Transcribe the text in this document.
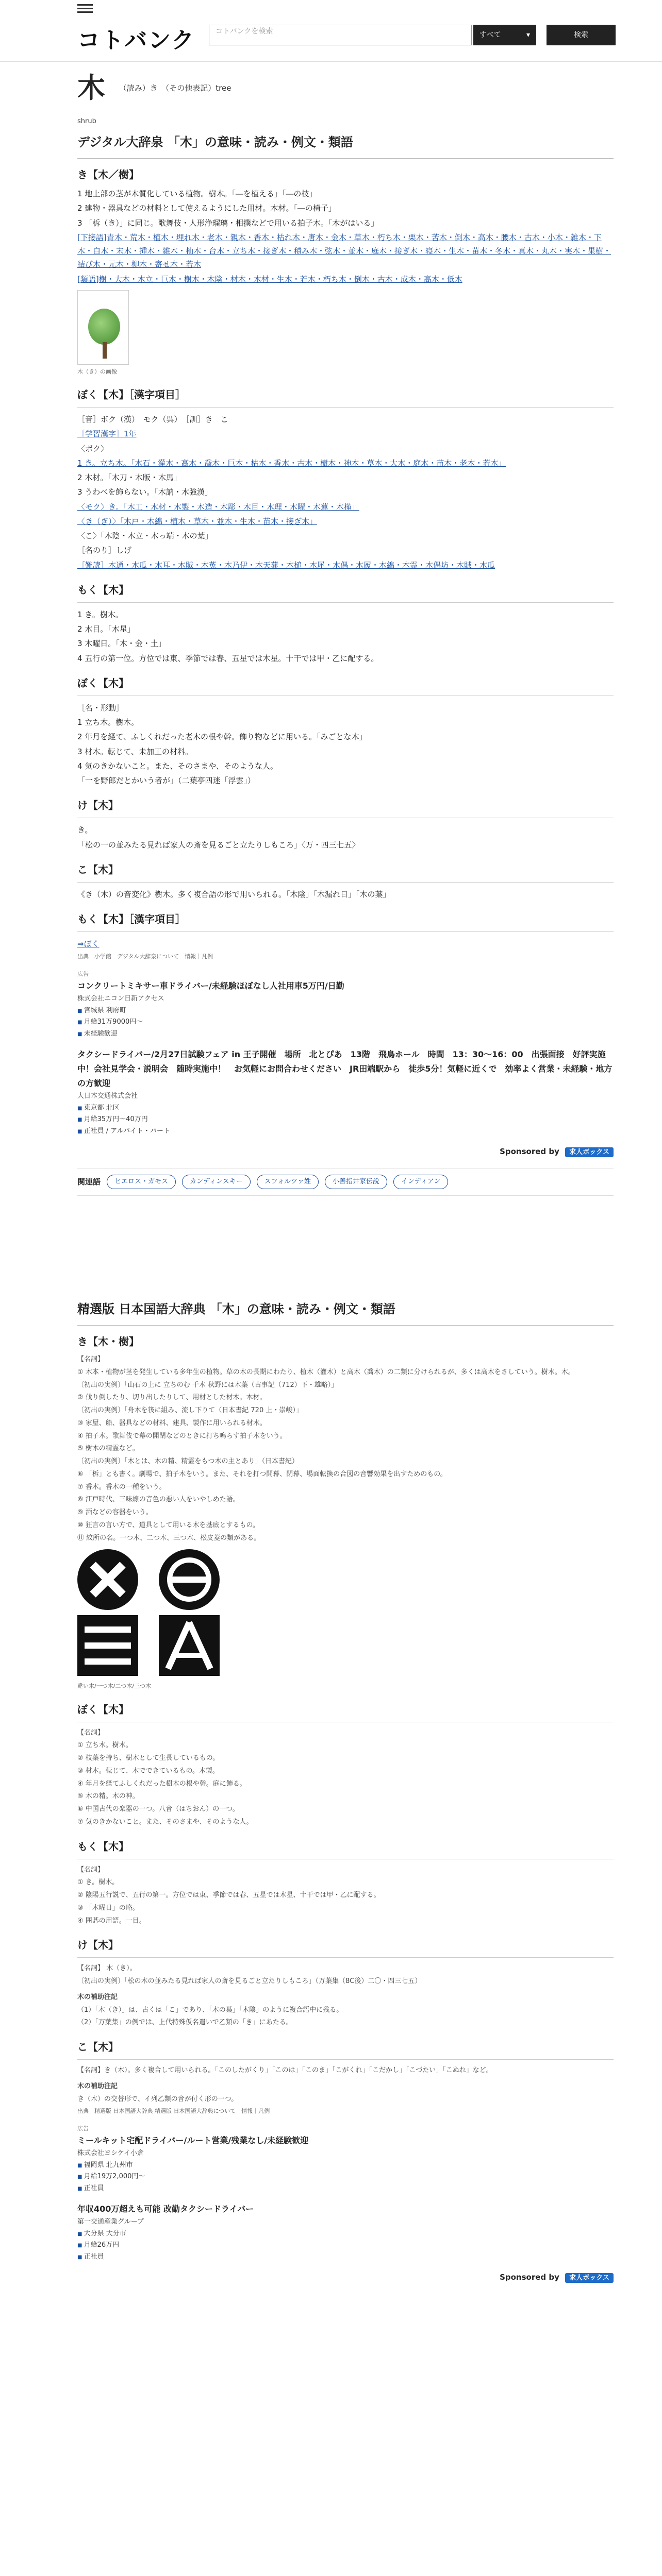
コトバンク	コトバンクを検索	すべて	▾	検索
木 （読み）き　（その他表記）tree
shrub
デジタル大辞泉 「木」の意味・読み・例文・類語
き【木／樹】

1 地上部の茎が木質化している植物。樹木。「―を植える」「―の枝」

2 建物・器具などの材料として使えるようにした用材。木材。「―の椅子」

3 「柝（き）」に同じ。歌舞伎・人形浄瑠璃・相撲などで用いる拍子木。「木がはいる」

[下接語]青木・荒木・植木・埋れ木・老木・親木・香木・枯れ木・唐木・金木・草木・朽ち木・栗木・苦木・倒木・高木・腰木・古木・小木・雑木・下木・白木・末木・挿木・雑木・杣木・台木・立ち木・接ぎ木・積み木・弦木・並木・庭木・接ぎ木・寝木・生木・苗木・冬木・真木・丸木・実木・果樹・結び木・元木・柳木・寄せ木・若木

[類語]樹・大木・木立・巨木・樹木・木陰・材木・木材・生木・若木・朽ち木・倒木・古木・成木・高木・低木

木（き）の画像
ぼく【木】［漢字項目］

［音］ボク（漢）　モク（呉）　［訓］き　こ

［学習漢字］1年

〈ボク〉

1 き。立ち木。「木石・灌木・高木・喬木・巨木・枯木・香木・古木・樹木・神木・草木・大木・庭木・苗木・老木・若木」

2 木材。「木刀・木版・木馬」

3 うわべを飾らない。「木訥・木強漢」

〈モク〉き。「木工・木材・木製・木造・木彫・木目・木理・木曜・木蓮・木槿」

〈き（ぎ）〉「木戸・木綿・植木・草木・並木・生木・苗木・接ぎ木」

〈こ〉「木陰・木立・木っ端・木の葉」

［名のり］しげ

［難読］木通・木瓜・木耳・木賊・木菟・木乃伊・木天蓼・木槌・木犀・木偶・木履・木綿・木霊・木偶坊・木賊・木瓜

もく【木】

1 き。樹木。

2 木目。「木星」

3 木曜日。「木・金・土」

4 五行の第一位。方位では東、季節では春、五星では木星。十干では甲・乙に配する。

ぼく【木】

［名・形動］

1 立ち木。樹木。

2 年月を経て、ふしくれだった老木の根や幹。飾り物などに用いる。「みごとな木」

3 材木。転じて、未加工の材料。

4 気のきかないこと。また、そのさまや、そのような人。

「一を野郎だとかいう者が」（二葉亭四迷「浮雲」）

け【木】

き。

「松の一の並みたる見れば家人の斎を見るごと立たりしもころ」〈万・四三七五〉

こ【木】

《き（木）の音変化》樹木。多く複合語の形で用いられる。「木陰」「木漏れ日」「木の葉」

もく【木】［漢字項目］

⇒ぼく

出典　小学館　デジタル大辞泉について　情報｜凡例

広告
コンクリートミキサー車ドライバー/未経験ほぼなし人社用車5万円/日勤
株式会社ニコン日新アクセス
■ 宮城県 利府町
■ 月給31万9000円～
■ 未経験歓迎
タクシードライバー/2月27日試験フェア in 王子開催　場所　北とぴあ　13階　飛鳥ホール　時間　13：30～16：00　出張面接　好評実施中！会社見学会・説明会　随時実施中！　お気軽にお問合わせください　JR田端駅から　徒歩5分！気軽に近くで　効率よく営業・未経験・地方の方歓迎
大日本交通株式会社
■ 東京都 北区
■ 月給35万円～40万円
■ 正社員 / アルバイト・パート
Sponsored by 求人ボックス
関連語	ヒエロス・ガモス	カンディンスキー	スフォルツァ姓	小善指井家伝説	インディアン
精選版 日本国語大辞典 「木」の意味・読み・例文・類語
き【木・樹】

【名詞】

① 木本・植物が茎を発生している多年生の植物。草の木の長期にわたり、植木（灌木）と高木（喬木）の二類に分けられるが、多くは高木をさしていう。樹木。木。

〔初出の実例〕「山石の上に 立ちのむ 千木 秋野には木葉（古事記（712）下・雄略）」

② 伐り倒したり、切り出したりして、用材とした材木。木材。

〔初出の実例〕「舟木を筏に組み、流し下りて（日本書紀 720 上・崇峻）」

③ 家屋、船、器具などの材料、建具、製作に用いられる材木。

④ 拍子木。歌舞伎で幕の開閉などのときに打ち鳴らす拍子木をいう。

⑤ 樹木の精霊など。

〔初出の実例〕「木とは、木の精、精霊をもつ木の主とあり」（日本書紀）

⑥ 「柝」とも書く。劇場で、拍子木をいう。また、それを打つ開幕、閉幕、場面転換の合図の音響効果を出すためのもの。

⑦ 香木。香木の一種をいう。

⑧ 江戸時代、三味線の音色の悪い人をいやしめた語。

⑨ 酒などの容器をいう。

⑩ 狂言の言い方で、道具として用いる木を基底とするもの。

⑪ 紋所の名。一つ木、二つ木、三つ木、松皮菱の類がある。

違い木/一つ木/二つ木/三つ木
ぼく【木】

【名詞】

① 立ち木。樹木。

② 枝葉を持ち、樹木として生長しているもの。

③ 材木。転じて、木でできているもの。木製。

④ 年月を経てふしくれだった樹木の根や幹。庭に飾る。

⑤ 木の精。木の神。

⑥ 中国古代の楽器の一つ。八音（はちおん）の一つ。

⑦ 気のきかないこと。また、そのさまや、そのような人。

もく【木】

【名詞】

① き。樹木。

② 陰陽五行説で、五行の第一。方位では東、季節では春、五星では木星、十干では甲・乙に配する。

③ 「木曜日」の略。

④ 囲碁の用語。一目。

け【木】

【名詞】 木（き）。

〔初出の実例〕「松の木の並みたる見れば家人の斎を見るごと立たりしもころ」（万葉集（8C後）二〇・四三七五）

木の補助注記

（1）「木（き）」は、古くは「こ」であり、「木の葉」「木陰」のように複合語中に残る。

（2）「万葉集」の例では、上代特殊仮名遣いで乙類の「き」にあたる。

こ【木】

【名詞】き（木）。多く複合して用いられる。「このしたがくり」「このは」「このま」「こがくれ」「こだかし」「こづたい」「こぬれ」など。

木の補助注記

き（木）の交替形で、イ列乙類の音が付く形の一つ。

出典　精選版 日本国語大辞典 精選版 日本国語大辞典について　情報｜凡例

広告
ミールキット宅配ドライバー/ルート営業/残業なし/未経験歓迎
株式会社ヨシケイ小倉
■ 福岡県 北九州市
■ 月給19万2,000円～
■ 正社員
年収400万超えも可能 改勤タクシードライバー
第一交通産業グループ
■ 大分県 大分市
■ 月給26万円
■ 正社員
Sponsored by 求人ボックス
